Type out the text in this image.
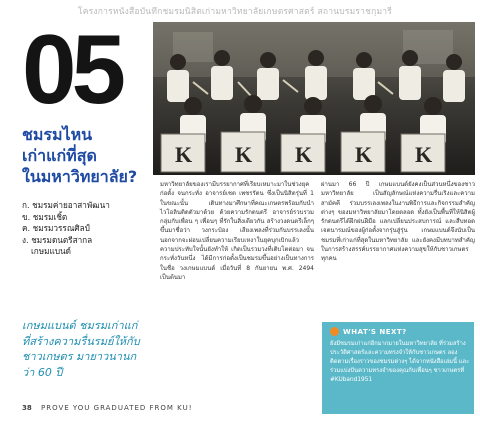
โครงการหนังสือบันทึกชมรมนิสิตเก่ามหาวิทยาลัยเกษตรศาสตร์ สถานบรมราชกุมารี
05
ชมรมไหน
เก่าแก่ที่สุด
ในมหาวิทยาลัย?
ก. ชมรมค่ายอาสาพัฒนา
ข. ชมรมเชิ้ต
ค. ชมรมวรรณศิลป์
ง. ชมรมดนตรีสากล
เกษมแบนด์
เกษมแบนด์ ชมรมเก่าแก่ที่สร้างความรื่นรมย์ให้กับชาวเกษตร มายาวนานกว่า 60 ปี
K K K K K
มหาวิทยาลัยของเรามีบรรยากาศที่เรียบเหมาะมาในช่วงยุคก่อตั้ง จนกระทั่ง อาจารย์เชต เพชรรัตน ซึ่งเป็นนิสิตรุ่นที่ 1 ในขณะนั้น เดินทางมาศึกษาที่คณะเกษตรพร้อมกับนำไวโอลินติดตัวมาด้วย ด้วยความรักดนตรี อาจารย์รวบรวมกลุ่มกับเพื่อน ๆ เพื่อนๆ ที่รักในสิ่งเดียวกัน สร้างวงดนตรีเล็กๆ ขึ้นมาชื่อว่า วงกระป๋อง เสียงเพลงที่ร่วมกันบรรเลงนั้น นอกจากจะผ่อนเปลี่ยนความเรียบเหงาในยุคบุกเบิกแล้ว ความประทับใจนั้นยังทำให้ เกิดเป็นรวมวงที่เติบโตต่อมา จนกระทั่งวันหนึ่ง ได้มีการก่อตั้งเป็นชมรมขึ้นอย่างเป็นทางการ ในชื่อ วงเกษมแบนด์ เมื่อวันที่ 8 กันยายน พ.ศ. 2494 เป็นต้นมา
ผ่านมา 66 ปี เกษมแบนด์ยังคงเป็นส่วนหนึ่งของชาวมหาวิทยาลัย เป็นสัญลักษณ์แห่งความรื่นเริงและความสามัคคี ร่วมบรรเลงเพลงในงานพิธีการและกิจกรรมสำคัญต่างๆ ของมหาวิทยาลัยมาโดยตลอด ทั้งยังเป็นพื้นที่ให้นิสิตผู้รักดนตรีได้ฝึกฝนฝีมือ แลกเปลี่ยนประสบการณ์ และสืบทอดเจตนารมณ์ของผู้ก่อตั้งจากรุ่นสู่รุ่น เกษมแบนด์จึงนับเป็นชมรมที่เก่าแก่ที่สุดในมหาวิทยาลัย และยังคงมีบทบาทสำคัญในการสร้างสรรค์บรรยากาศแห่งความสุขให้กับชาวเกษตรทุกคน
WHAT'S NEXT?
ยังมีชมรมเก่าแก่อีกมากมายในมหาวิทยาลัย ที่ร่วมสร้างประวัติศาสตร์และความทรงจำให้กับชาวเกษตร ลองติดตามเรื่องราวของชมรมต่างๆ ได้จากหนังสือเล่มนี้ และร่วมแบ่งปันความทรงจำของคุณกับเพื่อนๆ ชาวเกษตรที่ #KUband1951
38 PROVE YOU GRADUATED FROM KU!
